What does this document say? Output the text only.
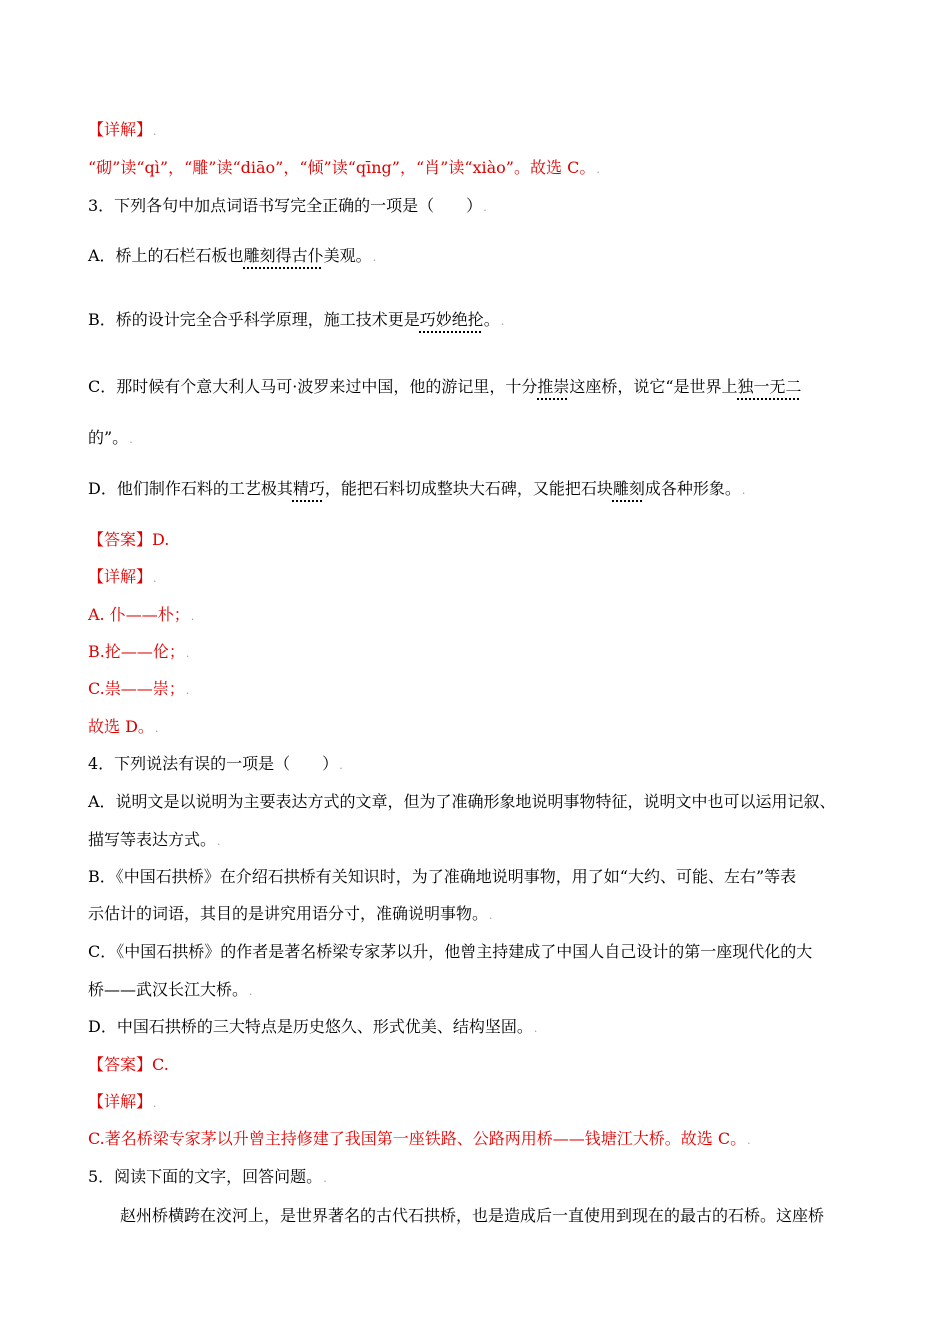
【详解】.
“砌”读“qì”，“雕”读“diāo”，“倾”读“qīng”，“肖”读“xiào”。故选 C。.
3．下列各句中加点词语书写完全正确的一项是（　　）.
A．桥上的石栏石板也雕刻得古仆美观。.
B．桥的设计完全合乎科学原理，施工技术更是巧妙绝抡。.
C．那时候有个意大利人马可·波罗来过中国，他的游记里，十分推崇这座桥，说它“是世界上独一无二
的”。.
D．他们制作石料的工艺极其精巧，能把石料切成整块大石碑，又能把石块雕刻成各种形象。.
【答案】D.
【详解】.
A. 仆——朴；.
B.抡——伦；.
C.祟——崇；.
故选 D。.
4．下列说法有误的一项是（　　）.
A．说明文是以说明为主要表达方式的文章，但为了准确形象地说明事物特征，说明文中也可以运用记叙、
描写等表达方式。.
B．《中国石拱桥》在介绍石拱桥有关知识时，为了准确地说明事物，用了如“大约、可能、左右”等表
示估计的词语，其目的是讲究用语分寸，准确说明事物。.
C．《中国石拱桥》的作者是著名桥梁专家茅以升，他曾主持建成了中国人自己设计的第一座现代化的大
桥——武汉长江大桥。.
D．中国石拱桥的三大特点是历史悠久、形式优美、结构坚固。.
【答案】C.
【详解】.
C.著名桥梁专家茅以升曾主持修建了我国第一座铁路、公路两用桥——钱塘江大桥。故选 C。.
5．阅读下面的文字，回答问题。.
赵州桥横跨在洨河上，是世界著名的古代石拱桥，也是造成后一直使用到现在的最古的石桥。这座桥
